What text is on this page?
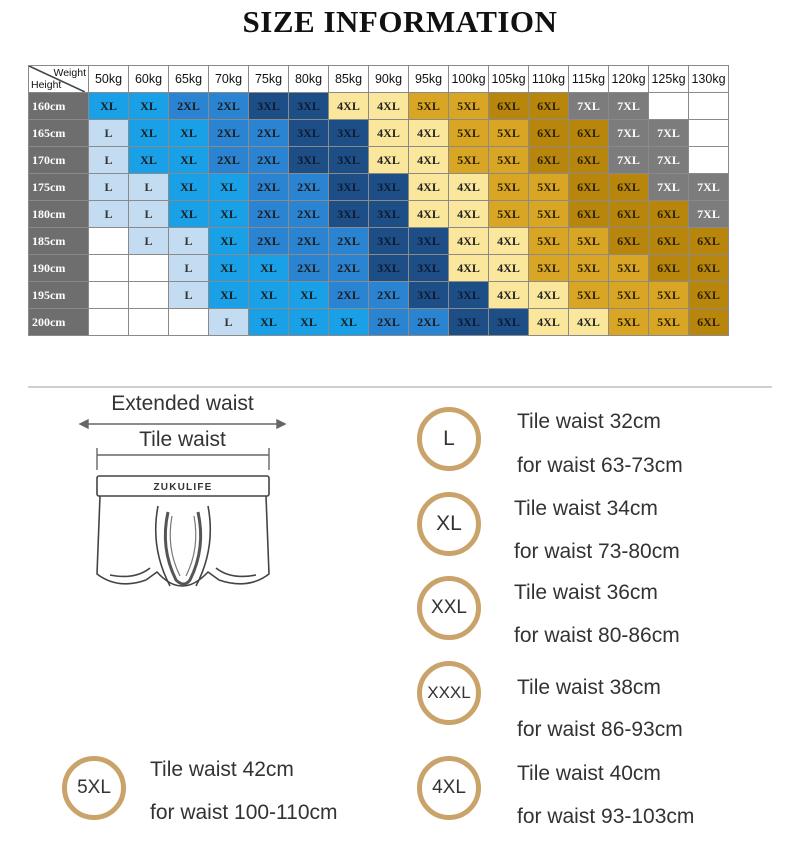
SIZE INFORMATION
Weight
Height	50kg	60kg	65kg	70kg	75kg	80kg	85kg	90kg	95kg	100kg	105kg	110kg	115kg	120kg	125kg	130kg
160cm	XL	XL	2XL	2XL	3XL	3XL	4XL	4XL	5XL	5XL	6XL	6XL	7XL	7XL		
165cm	L	XL	XL	2XL	2XL	3XL	3XL	4XL	4XL	5XL	5XL	6XL	6XL	7XL	7XL	
170cm	L	XL	XL	2XL	2XL	3XL	3XL	4XL	4XL	5XL	5XL	6XL	6XL	7XL	7XL	
175cm	L	L	XL	XL	2XL	2XL	3XL	3XL	4XL	4XL	5XL	5XL	6XL	6XL	7XL	7XL
180cm	L	L	XL	XL	2XL	2XL	3XL	3XL	4XL	4XL	5XL	5XL	6XL	6XL	6XL	7XL
185cm		L	L	XL	2XL	2XL	2XL	3XL	3XL	4XL	4XL	5XL	5XL	6XL	6XL	6XL
190cm			L	XL	XL	2XL	2XL	3XL	3XL	4XL	4XL	5XL	5XL	5XL	6XL	6XL
195cm			L	XL	XL	XL	2XL	2XL	3XL	3XL	4XL	4XL	5XL	5XL	5XL	6XL
200cm				L	XL	XL	XL	2XL	2XL	3XL	3XL	4XL	4XL	5XL	5XL	6XL
Extended waist
Tile waist
ZUKULIFE
L
Tile waist 32cm
for waist 63-73cm
XL
Tile waist 34cm
for waist 73-80cm
XXL
Tile waist 36cm
for waist 80-86cm
XXXL	Tile waist 38cm
for waist 86-93cm
5XL
Tile waist 42cm
for waist 100-110cm
4XL
Tile waist 40cm
for waist 93-103cm
